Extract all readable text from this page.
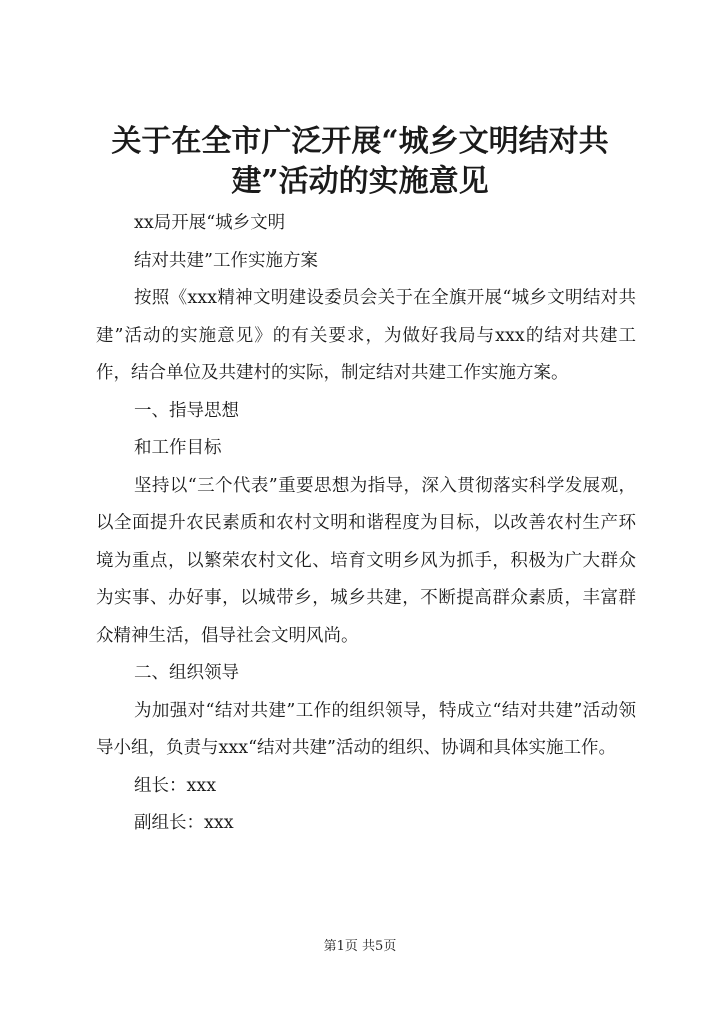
关于在全市广泛开展“城乡文明结对共建”活动的实施意见

xx局开展“城乡文明

结对共建”工作实施方案

按照《xxx精神文明建设委员会关于在全旗开展“城乡文明结对共建”活动的实施意见》的有关要求，为做好我局与xxx的结对共建工作，结合单位及共建村的实际，制定结对共建工作实施方案。

一、指导思想

和工作目标

坚持以“三个代表”重要思想为指导，深入贯彻落实科学发展观，以全面提升农民素质和农村文明和谐程度为目标，以改善农村生产环境为重点，以繁荣农村文化、培育文明乡风为抓手，积极为广大群众为实事、办好事，以城带乡，城乡共建，不断提高群众素质，丰富群众精神生活，倡导社会文明风尚。

二、组织领导

为加强对“结对共建”工作的组织领导，特成立“结对共建”活动领导小组，负责与xxx“结对共建”活动的组织、协调和具体实施工作。

组长：xxx

副组长：xxx

第1页 共5页
